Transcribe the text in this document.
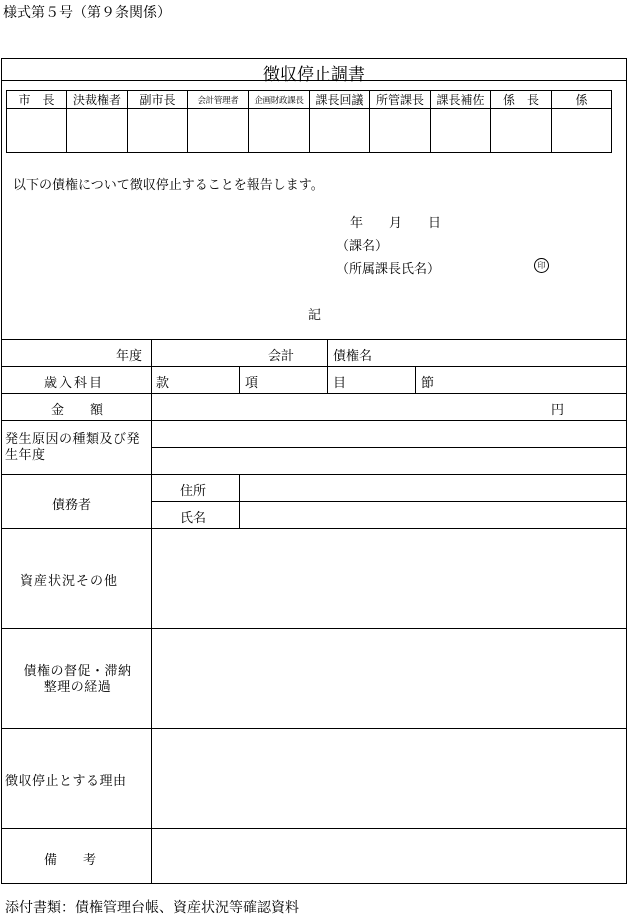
様式第５号（第９条関係）
徴収停止調書
市　長	決裁権者	副市長	会計管理者	企画財政課長	課長回議	所管課長	課長補佐	係　長	係

以下の債権について徴収停止することを報告します。
年　　月　　日
（課名）
（所属課長氏名）	印
記
年度	会計	債権名
歳入科目	款	項	目	節
金　　額	円
発生原因の種類及び発生年度
債務者
住所
氏名
資産状況その他
債権の督促・滞納整理の経過
徴収停止とする理由
備　　考
添付書類：債権管理台帳、資産状況等確認資料
